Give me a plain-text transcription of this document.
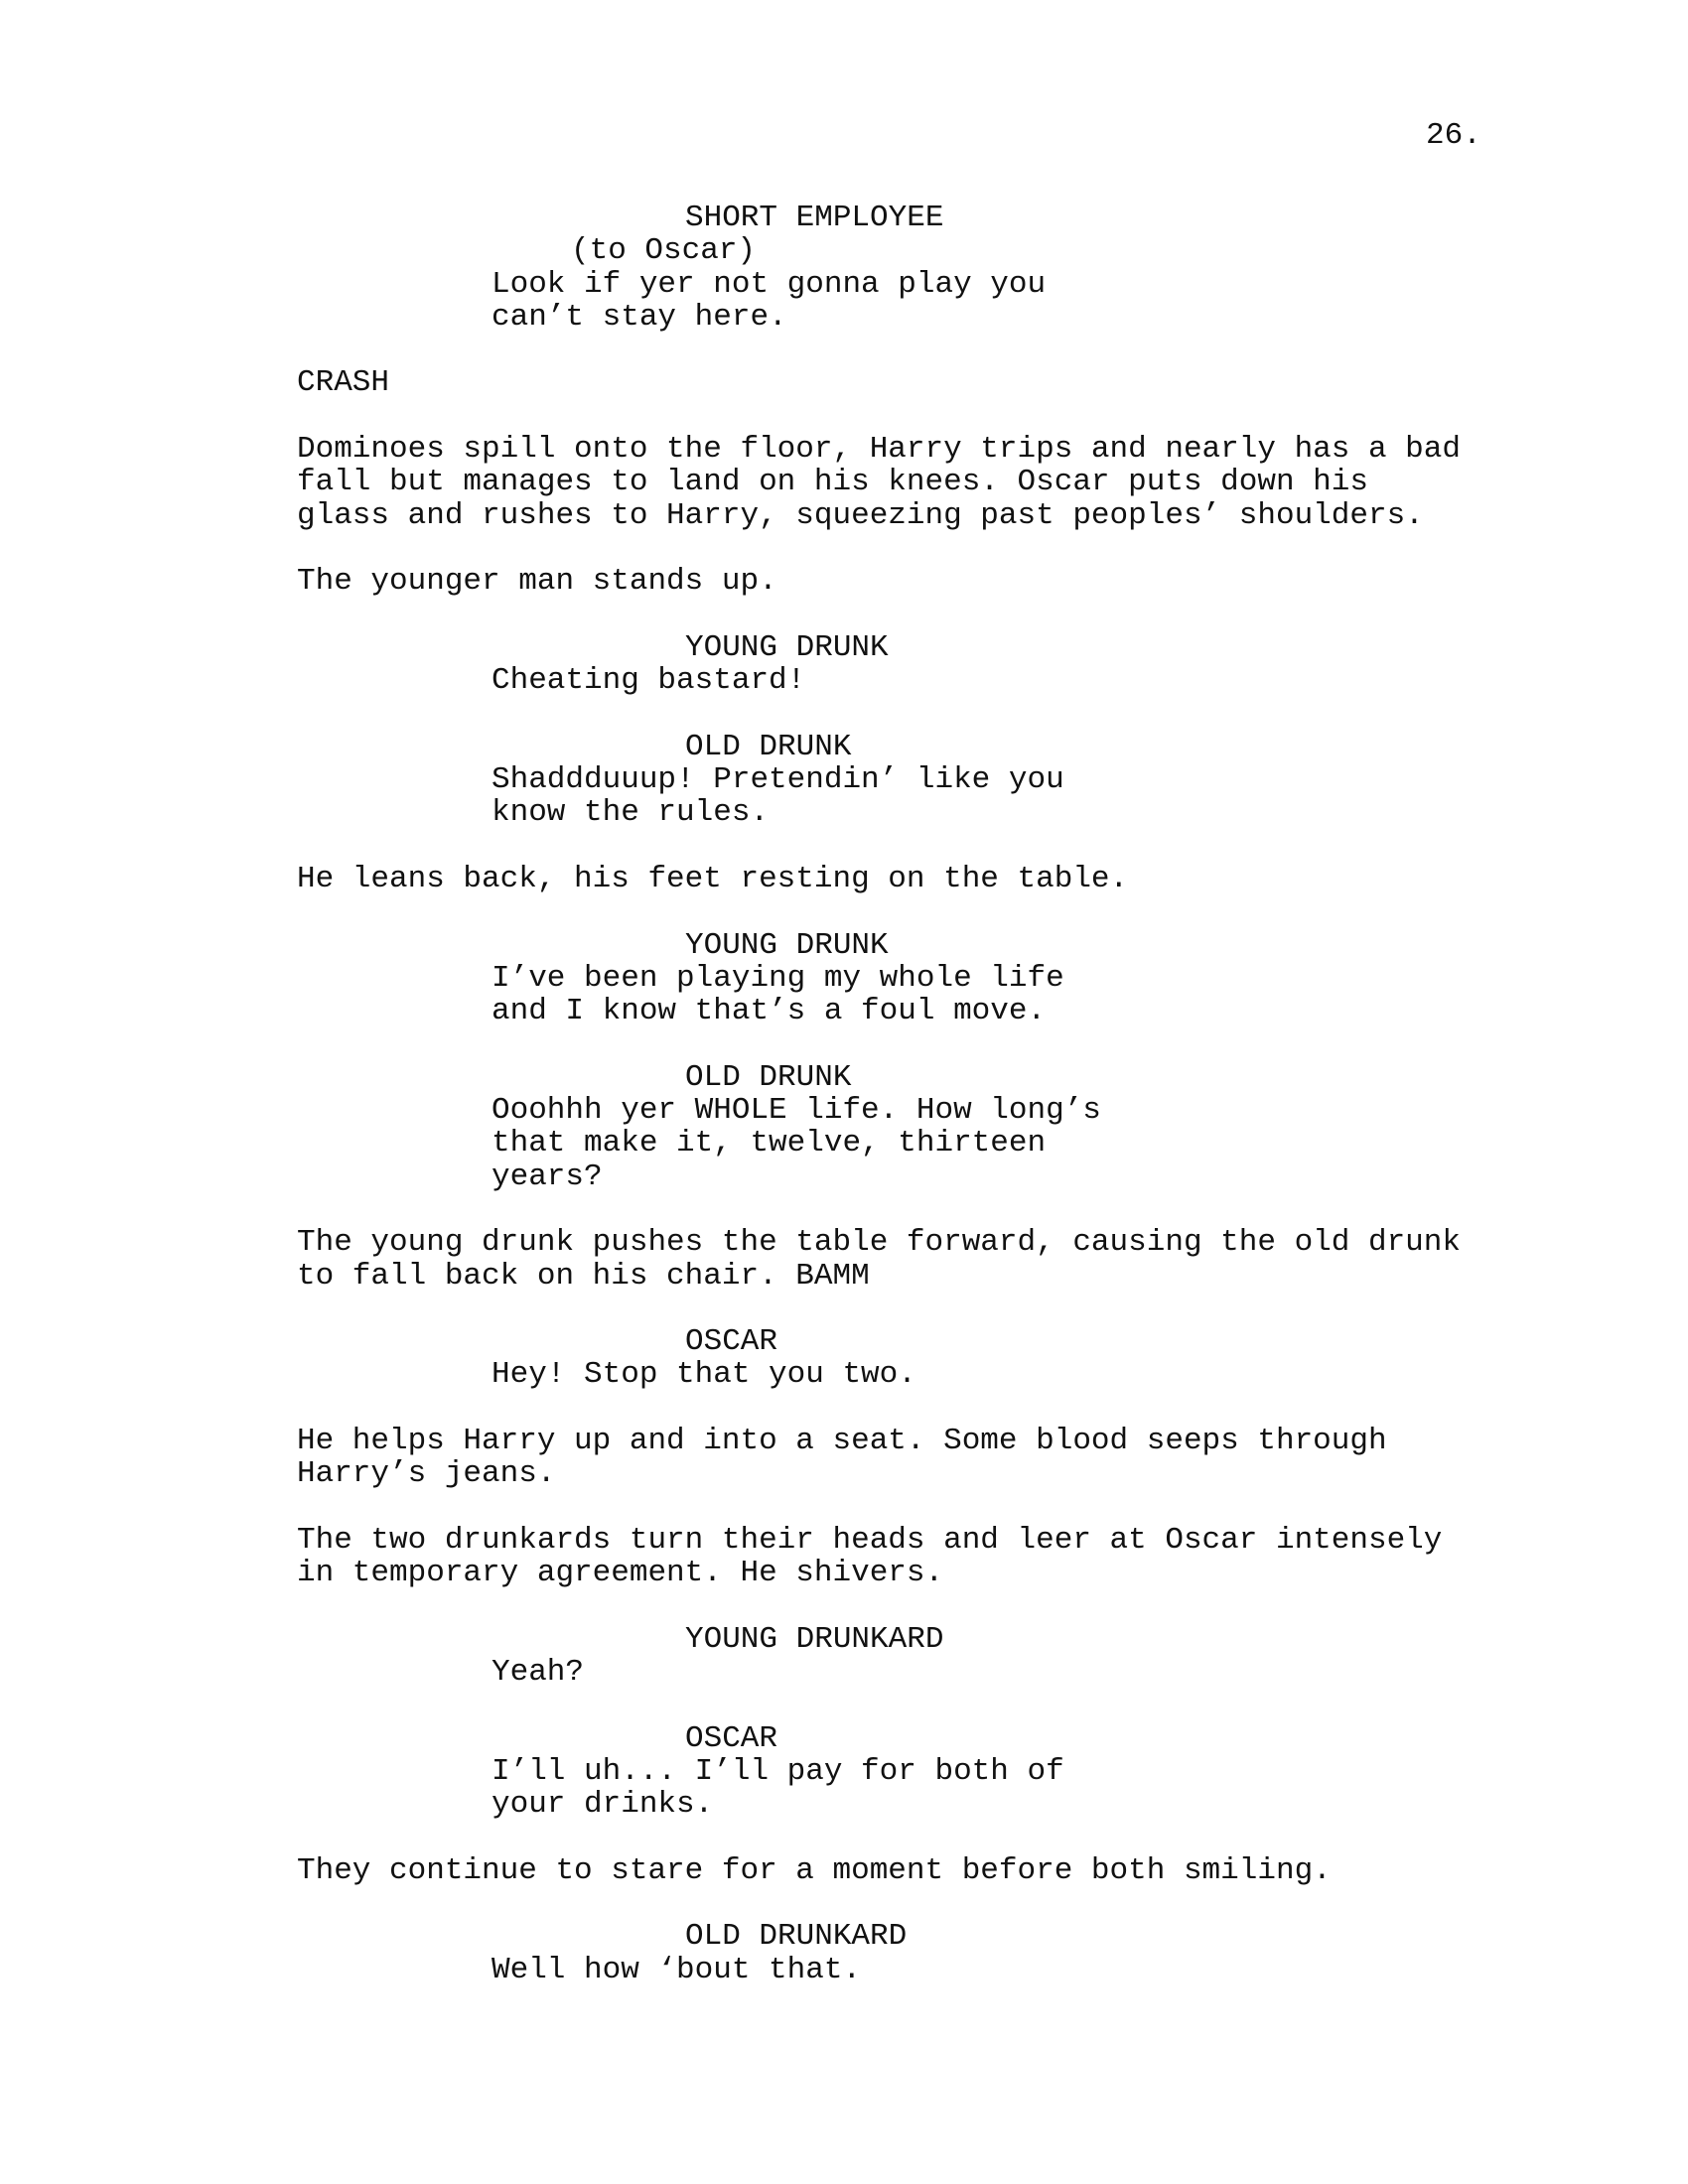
26.
SHORT EMPLOYEE
(to Oscar)
Look if yer not gonna play you
can’t stay here.
CRASH
Dominoes spill onto the floor, Harry trips and nearly has a bad
fall but manages to land on his knees. Oscar puts down his
glass and rushes to Harry, squeezing past peoples’ shoulders.
The younger man stands up.
YOUNG DRUNK
Cheating bastard!
OLD DRUNK
Shaddduuup! Pretendin’ like you
know the rules.
He leans back, his feet resting on the table.
YOUNG DRUNK
I’ve been playing my whole life
and I know that’s a foul move.
OLD DRUNK
Ooohhh yer WHOLE life. How long’s
that make it, twelve, thirteen
years?
The young drunk pushes the table forward, causing the old drunk
to fall back on his chair. BAMM
OSCAR
Hey! Stop that you two.
He helps Harry up and into a seat. Some blood seeps through
Harry’s jeans.
The two drunkards turn their heads and leer at Oscar intensely
in temporary agreement. He shivers.
YOUNG DRUNKARD
Yeah?
OSCAR
I’ll uh... I’ll pay for both of
your drinks.
They continue to stare for a moment before both smiling.
OLD DRUNKARD
Well how ‘bout that.
